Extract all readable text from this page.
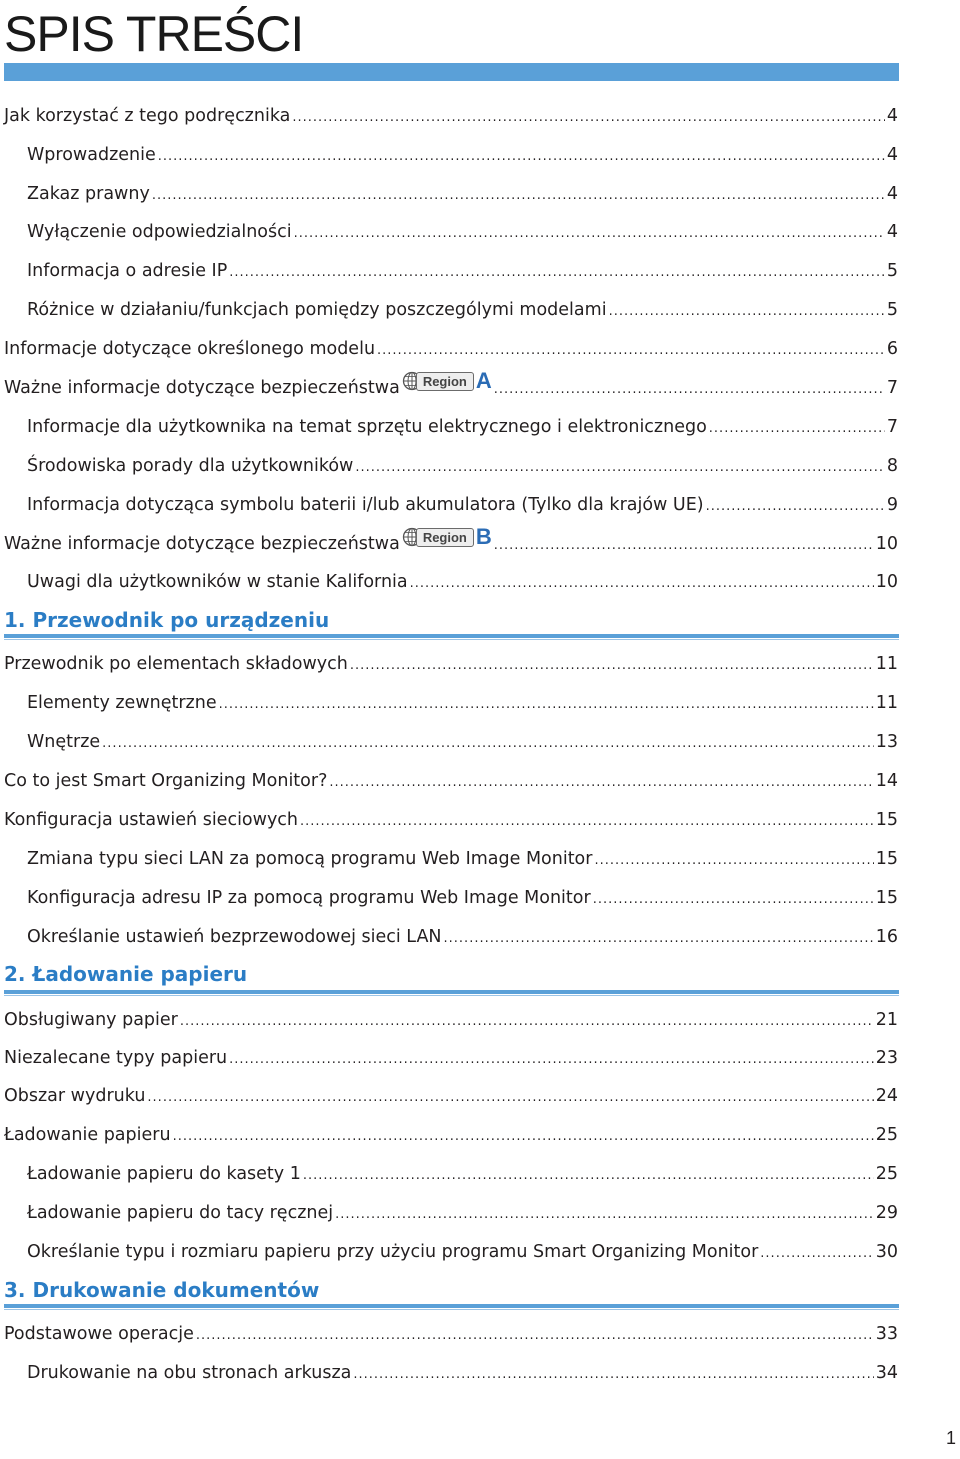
SPIS TREŚCI
Jak korzystać z tego podręcznika .....	4
Wprowadzenie .....	4
Zakaz prawny .....	4
Wyłączenie odpowiedzialności .....	4
Informacja o adresie IP .....	5
Różnice w działaniu/funkcjach pomiędzy poszczególymi modelami .....	5
Informacje dotyczące określonego modelu .....	6
Ważne informacje dotyczące bezpieczeństwa	Region A .....	7
Informacje dla użytkownika na temat sprzętu elektrycznego i elektronicznego .....	7
Środowiska porady dla użytkowników .....	8
Informacja dotycząca symbolu baterii i/lub akumulatora (Tylko dla krajów UE) .....	9
Ważne informacje dotyczące bezpieczeństwa	Region B .....	10
Uwagi dla użytkowników w stanie Kalifornia .....	10
1. Przewodnik po urządzeniu
Przewodnik po elementach składowych .....	11
Elementy zewnętrzne .....	11
Wnętrze .....	13
Co to jest Smart Organizing Monitor? .....	14
Konfiguracja ustawień sieciowych .....	15
Zmiana typu sieci LAN za pomocą programu Web Image Monitor .....	15
Konfiguracja adresu IP za pomocą programu Web Image Monitor .....	15
Określanie ustawień bezprzewodowej sieci LAN .....	16
2. Ładowanie papieru
Obsługiwany papier .....	21
Niezalecane typy papieru .....	23
Obszar wydruku .....	24
Ładowanie papieru .....	25
Ładowanie papieru do kasety 1 .....	25
Ładowanie papieru do tacy ręcznej .....	29
Określanie typu i rozmiaru papieru przy użyciu programu Smart Organizing Monitor .....	30
3. Drukowanie dokumentów
Podstawowe operacje .....	33
Drukowanie na obu stronach arkusza .....	34
1
